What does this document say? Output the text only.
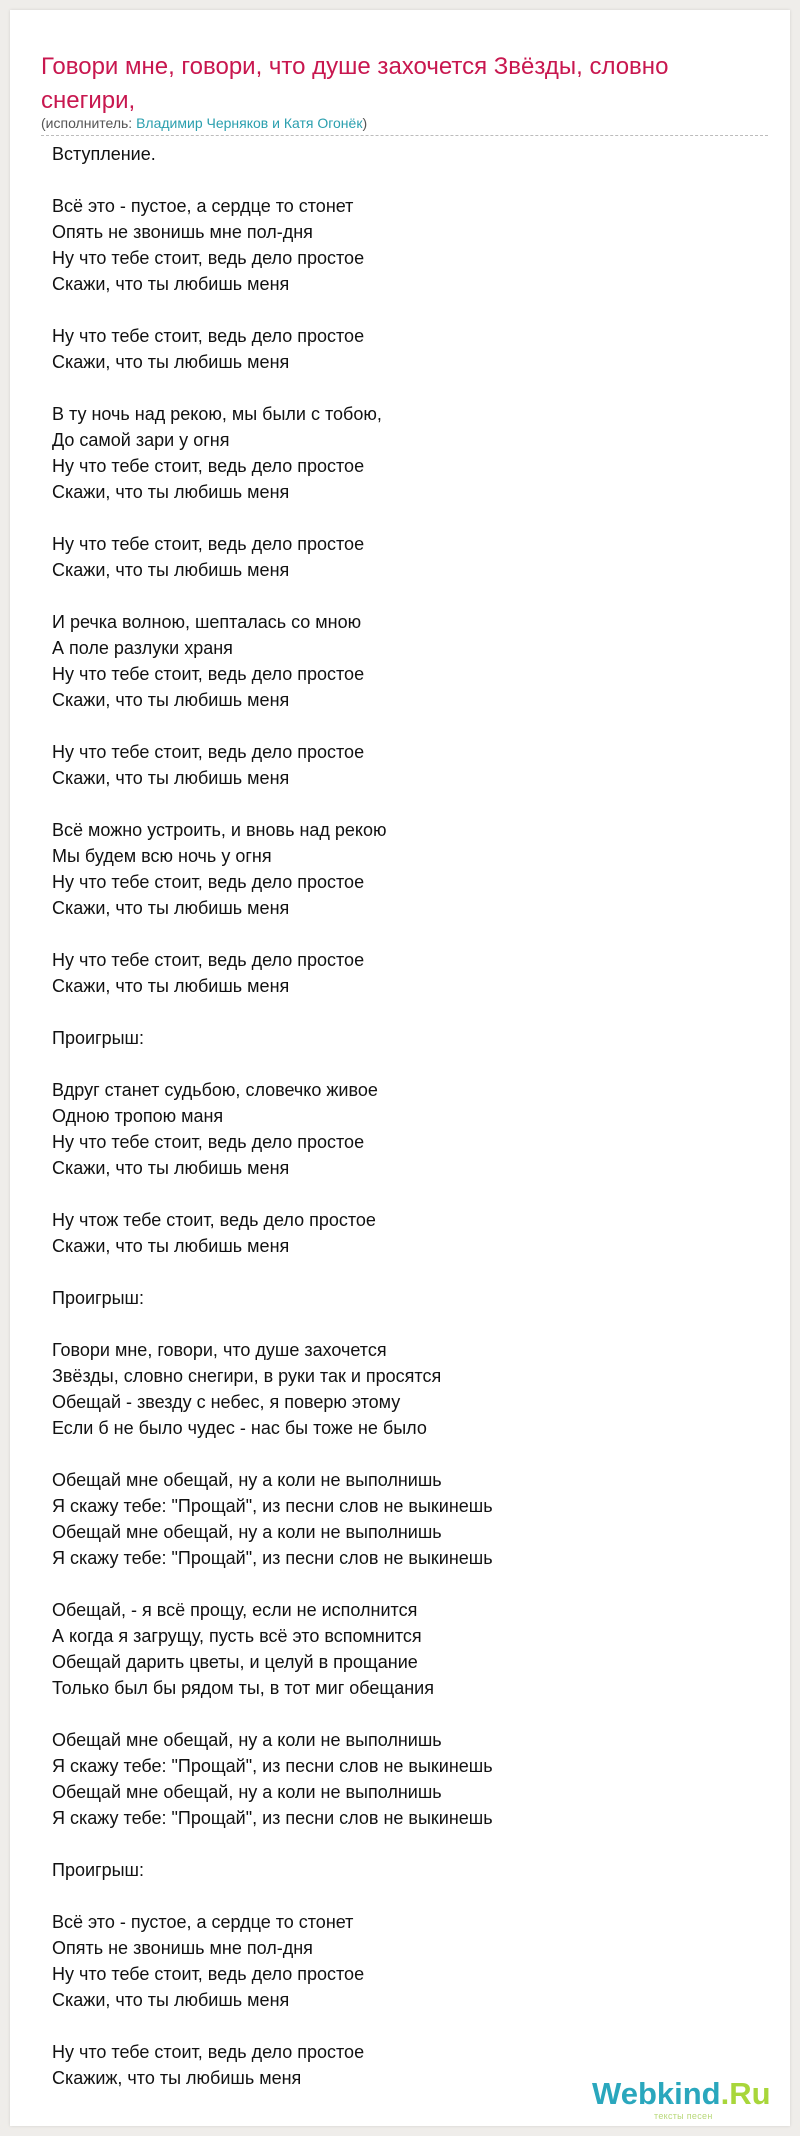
Говори мне, говори, что душе захочется Звёзды, словно снегири,
(исполнитель: Владимир Черняков и Катя Огонёк)
Вступление.

Всё это - пустое, а сердце то стонет
Опять не звонишь мне пол-дня
Ну что тебе стоит, ведь дело простое
Скажи, что ты любишь меня

Ну что тебе стоит, ведь дело простое
Скажи, что ты любишь меня

В ту ночь над рекою, мы были с тобою,
До самой зари у огня
Ну что тебе стоит, ведь дело простое
Скажи, что ты любишь меня

Ну что тебе стоит, ведь дело простое
Скажи, что ты любишь меня

И речка волною, шепталась со мною
А поле разлуки храня
Ну что тебе стоит, ведь дело простое
Скажи, что ты любишь меня

Ну что тебе стоит, ведь дело простое
Скажи, что ты любишь меня

Всё можно устроить, и вновь над рекою
Мы будем всю ночь у огня
Ну что тебе стоит, ведь дело простое
Скажи, что ты любишь меня

Ну что тебе стоит, ведь дело простое
Скажи, что ты любишь меня

Проигрыш:

Вдруг станет судьбою, словечко живое
Одною тропою маня
Ну что тебе стоит, ведь дело простое
Скажи, что ты любишь меня

Ну чтож тебе стоит, ведь дело простое
Скажи, что ты любишь меня

Проигрыш:

Говори мне, говори, что душе захочется
Звёзды, словно снегири, в руки так и просятся
Обещай - звезду с небес, я поверю этому
Если б не было чудес - нас бы тоже не было

Обещай мне обещай, ну а коли не выполнишь
Я скажу тебе: "Прощай", из песни слов не выкинешь
Обещай мне обещай, ну а коли не выполнишь
Я скажу тебе: "Прощай", из песни слов не выкинешь

Обещай, - я всё прощу, если не исполнится
А когда я загрущу, пусть всё это вспомнится
Обещай дарить цветы, и целуй в прощание
Только был бы рядом ты, в тот миг обещания

Обещай мне обещай, ну а коли не выполнишь
Я скажу тебе: "Прощай", из песни слов не выкинешь
Обещай мне обещай, ну а коли не выполнишь
Я скажу тебе: "Прощай", из песни слов не выкинешь

Проигрыш:

Всё это - пустое, а сердце то стонет
Опять не звонишь мне пол-дня
Ну что тебе стоит, ведь дело простое
Скажи, что ты любишь меня

Ну что тебе стоит, ведь дело простое
Скажиж, что ты любишь меня	Webkind.Ru
тексты песен
